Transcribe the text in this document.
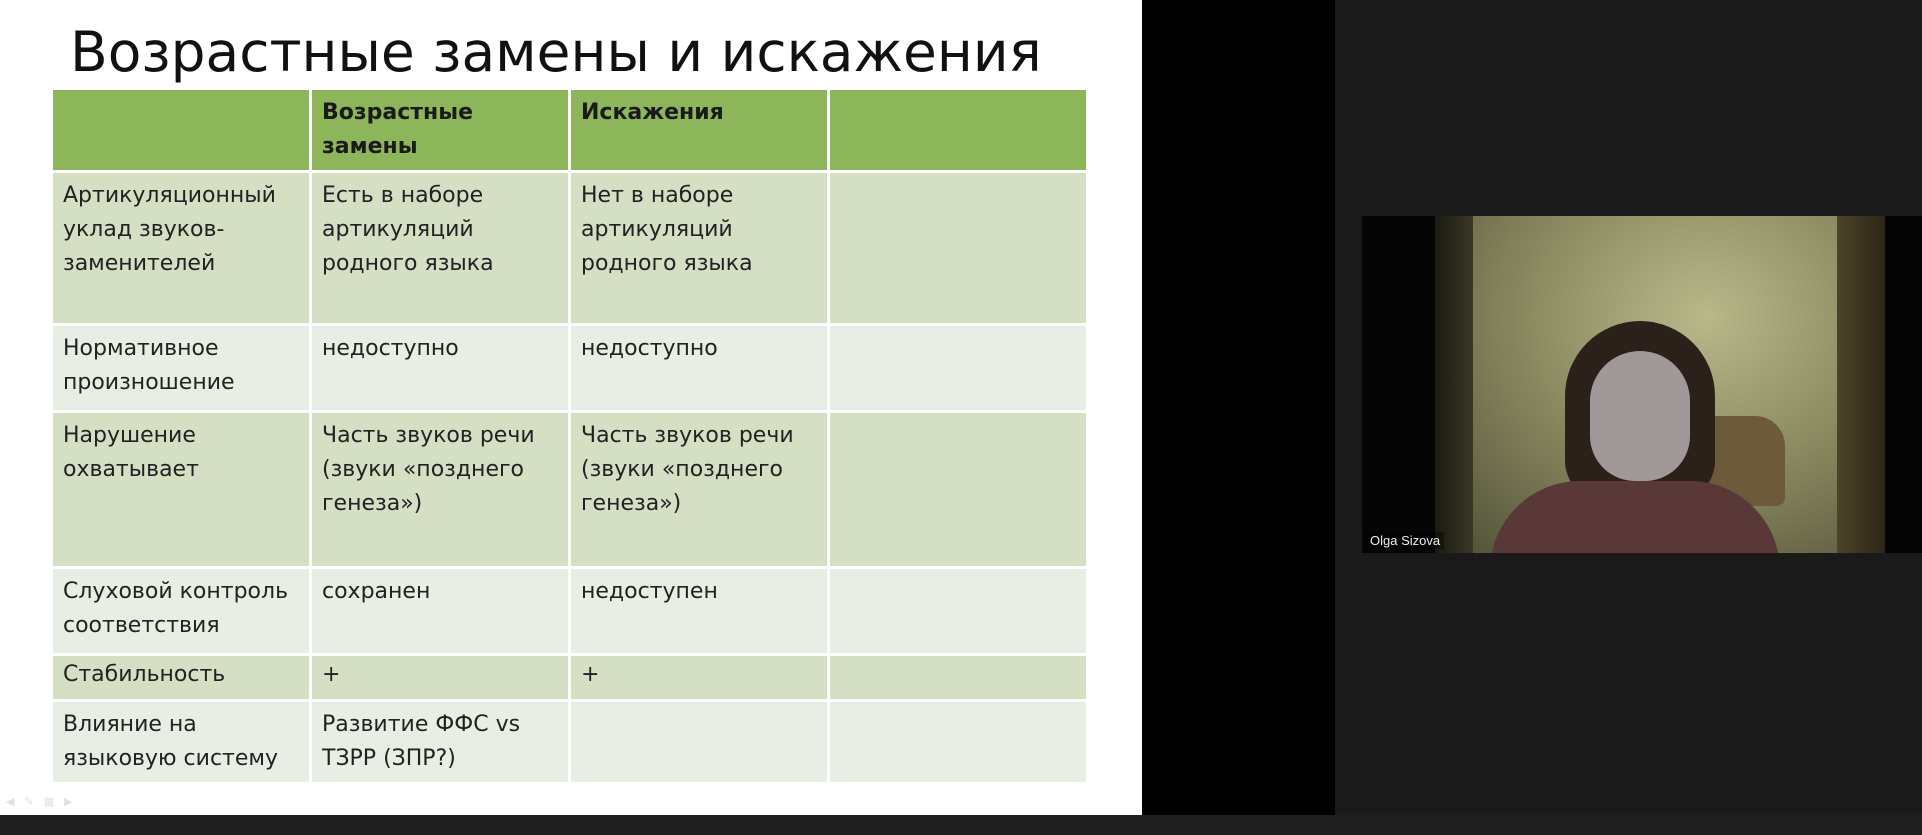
Возрастные замены и искажения
	Возрастные замены	Искажения	
Артикуляционный уклад звуков-заменителей	Есть в наборе артикуляций родного языка	Нет в наборе артикуляций родного языка	
Нормативное произношение	недоступно	недоступно	
Нарушение охватывает	Часть звуков речи (звуки «позднего генеза»)	Часть звуков речи (звуки «позднего генеза»)	
Слуховой контроль соответствия	сохранен	недоступен	
Стабильность	+	+	
Влияние на языковую систему	Развитие ФФС vs ТЗРР (ЗПР?)		
◀ ✎ ▦ ▶
Olga Sizova
